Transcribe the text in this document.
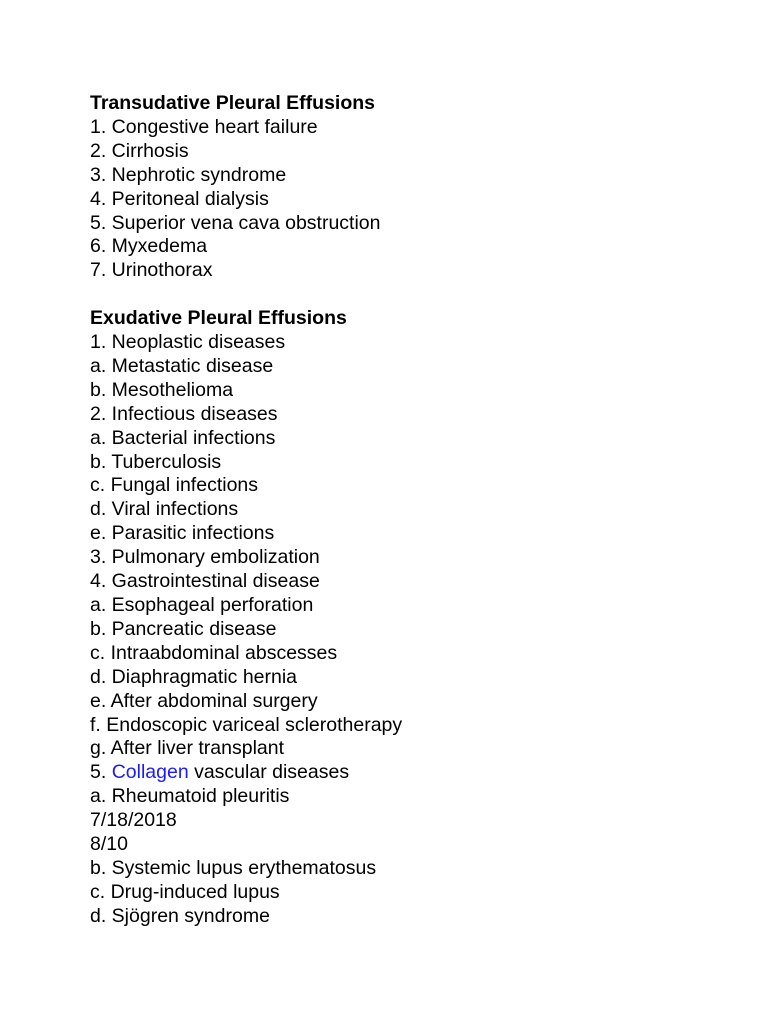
Transudative Pleural Effusions
1. Congestive heart failure
2. Cirrhosis
3. Nephrotic syndrome
4. Peritoneal dialysis
5. Superior vena cava obstruction
6. Myxedema
7. Urinothorax
Exudative Pleural Effusions
1. Neoplastic diseases
a. Metastatic disease
b. Mesothelioma
2. Infectious diseases
a. Bacterial infections
b. Tuberculosis
c. Fungal infections
d. Viral infections
e. Parasitic infections
3. Pulmonary embolization
4. Gastrointestinal disease
a. Esophageal perforation
b. Pancreatic disease
c. Intraabdominal abscesses
d. Diaphragmatic hernia
e. After abdominal surgery
f. Endoscopic variceal sclerotherapy
g. After liver transplant
5. Collagen vascular diseases
a. Rheumatoid pleuritis
7/18/2018
8/10
b. Systemic lupus erythematosus
c. Drug-induced lupus
d. Sjögren syndrome
